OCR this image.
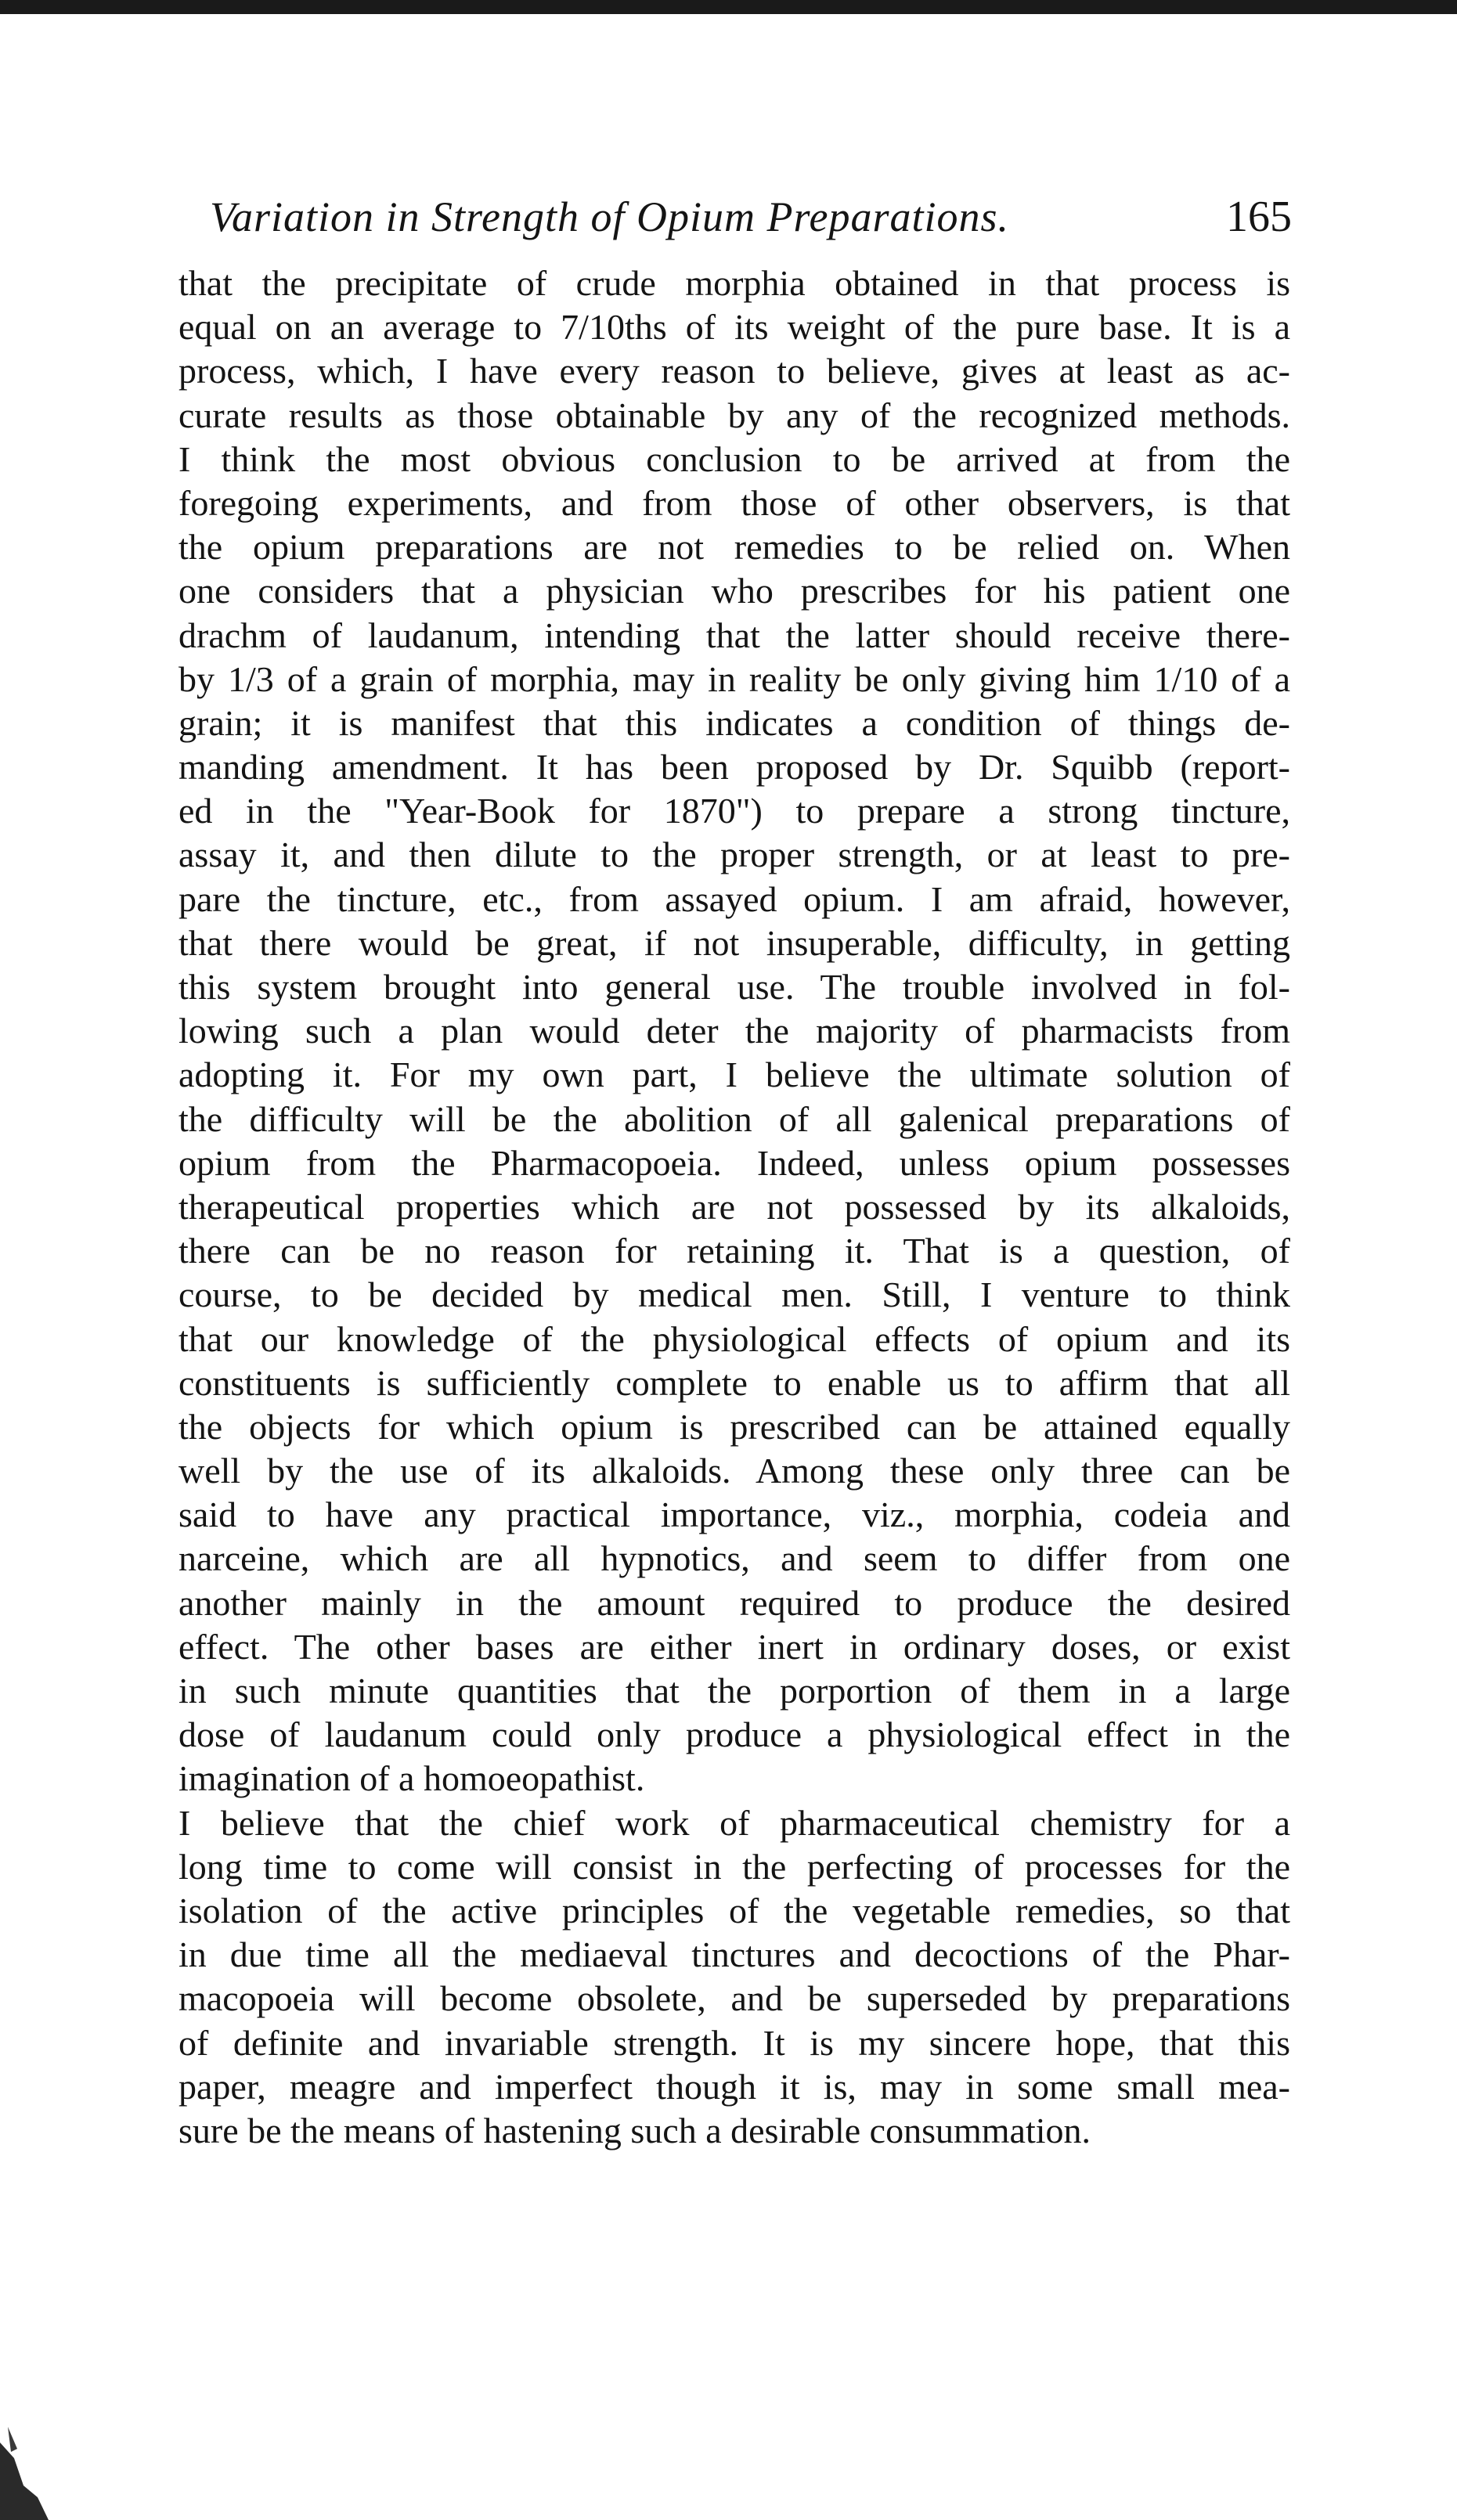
Variation in Strength of Opium Preparations.	165
that the precipitate of crude morphia obtained in that process is
equal on an average to 7/10ths of its weight of the pure base. It is a
process, which, I have every reason to believe, gives at least as ac-
curate results as those obtainable by any of the recognized methods.
I think the most obvious conclusion to be arrived at from the
foregoing experiments, and from those of other observers, is that
the opium preparations are not remedies to be relied on. When
one considers that a physician who prescribes for his patient one
drachm of laudanum, intending that the latter should receive there-
by 1/3 of a grain of morphia, may in reality be only giving him 1/10 of a
grain; it is manifest that this indicates a condition of things de-
manding amendment. It has been proposed by Dr. Squibb (report-
ed in the "Year-Book for 1870") to prepare a strong tincture,
assay it, and then dilute to the proper strength, or at least to pre-
pare the tincture, etc., from assayed opium. I am afraid, however,
that there would be great, if not insuperable, difficulty, in getting
this system brought into general use. The trouble involved in fol-
lowing such a plan would deter the majority of pharmacists from
adopting it. For my own part, I believe the ultimate solution of
the difficulty will be the abolition of all galenical preparations of
opium from the Pharmacopoeia. Indeed, unless opium possesses
therapeutical properties which are not possessed by its alkaloids,
there can be no reason for retaining it. That is a question, of
course, to be decided by medical men. Still, I venture to think
that our knowledge of the physiological effects of opium and its
constituents is sufficiently complete to enable us to affirm that all
the objects for which opium is prescribed can be attained equally
well by the use of its alkaloids. Among these only three can be
said to have any practical importance, viz., morphia, codeia and
narceine, which are all hypnotics, and seem to differ from one
another mainly in the amount required to produce the desired
effect. The other bases are either inert in ordinary doses, or exist
in such minute quantities that the porportion of them in a large
dose of laudanum could only produce a physiological effect in the
imagination of a homoeopathist.
I believe that the chief work of pharmaceutical chemistry for a
long time to come will consist in the perfecting of processes for the
isolation of the active principles of the vegetable remedies, so that
in due time all the mediaeval tinctures and decoctions of the Phar-
macopoeia will become obsolete, and be superseded by preparations
of definite and invariable strength. It is my sincere hope, that this
paper, meagre and imperfect though it is, may in some small mea-
sure be the means of hastening such a desirable consummation.
